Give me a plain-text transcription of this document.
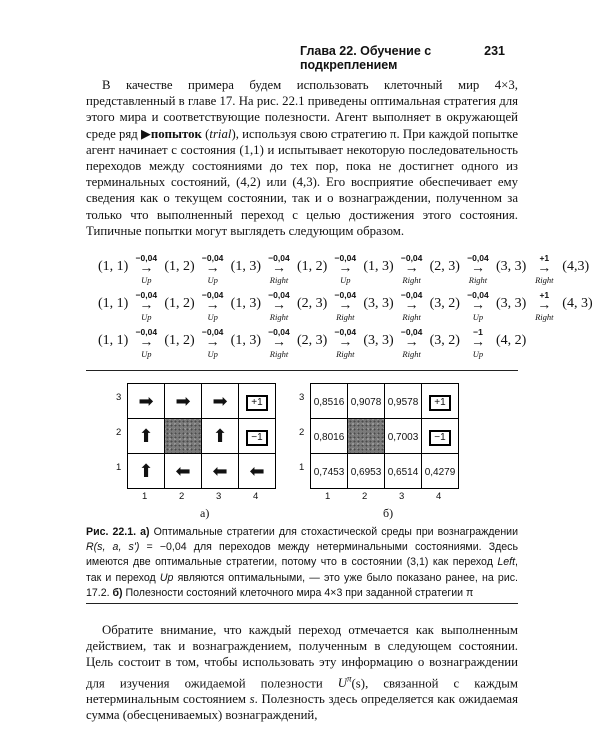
Глава 22. Обучение с подкреплением
231

В качестве примера будем использовать клеточный мир 4×3, представленный в главе 17. На рис. 22.1 приведены оптимальная стратегия для этого мира и соответствующие полезности. Агент выполняет в окружающей среде ряд ▶попыток (trial), используя свою стратегию π. При каждой попытке агент начинает с состояния (1,1) и испытывает некоторую последовательность переходов между состояниями до тех пор, пока не достигнет одного из терминальных состояний, (4,2) или (4,3). Его восприятие обеспечивает ему сведения как о текущем состоянии, так и о вознаграждении, полученном за только что выполненный переход с целью достижения этого состояния. Типичные попытки могут выглядеть следующим образом.

(1, 1)
−0,04
→
Up
(1, 2)
−0,04
→
Up
(1, 3)
−0,04
→
Right
(1, 2)
−0,04
→
Up
(1, 3)
−0,04
→
Right
(2, 3)
−0,04
→
Right
(3, 3)
+1
→
Right
(4,3)
(1, 1)
−0,04
→
Up
(1, 2)
−0,04
→
Up
(1, 3)
−0,04
→
Right
(2, 3)
−0,04
→
Right
(3, 3)
−0,04
→
Right
(3, 2)
−0,04
→
Up
(3, 3)
+1
→
Right
(4, 3)
(1, 1)
−0,04
→
Up
(1, 2)
−0,04
→
Up
(1, 3)
−0,04
→
Right
(2, 3)
−0,04
→
Right
(3, 3)
−0,04
→
Right
(3, 2)
−1
→
Up
(4, 2)
➡	➡	➡	+1
⬆		⬆	−1
⬆	⬅	⬅	⬅
0,8516	0,9078	0,9578	+1
0,8016		0,7003	−1
0,7453	0,6953	0,6514	0,4279
3
2
1
1	2	3	4
3
2
1
1	2	3	4
а)	б)

Рис. 22.1. а) Оптимальные стратегии для стохастической среды при вознаграждении R(s, a, s') = −0,04 для переходов между нетерминальными состояниями. Здесь имеются две оптимальные стратегии, потому что в состоянии (3,1) как переход Left, так и переход Up являются оптимальными, — это уже было показано ранее, на рис. 17.2. б) Полезности состояний клеточного мира 4×3 при заданной стратегии π

Обратите внимание, что каждый переход отмечается как выполненным действием, так и вознаграждением, полученным в следующем состоянии. Цель состоит в том, чтобы использовать эту информацию о вознаграждении для изучения ожидаемой полезности $U^\pi(s)$, связанной с каждым нетерминальным состоянием s. Полезность здесь определяется как ожидаемая сумма (обесцениваемых) вознаграждений,
